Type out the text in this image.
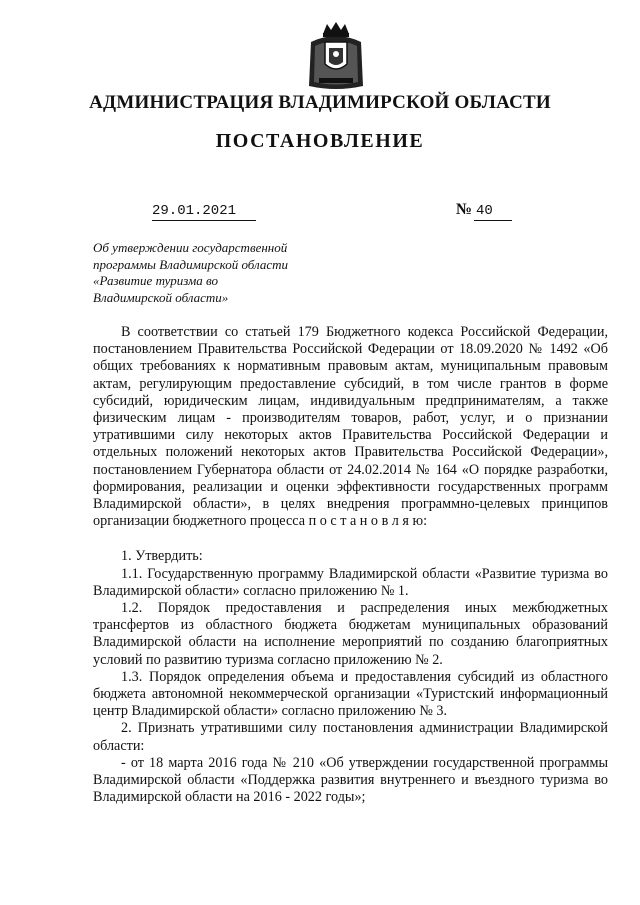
АДМИНИСТРАЦИЯ ВЛАДИМИРСКОЙ ОБЛАСТИ
ПОСТАНОВЛЕНИЕ
29.01.2021	№ 40
Об утверждении государственной
программы Владимирской области
«Развитие туризма во
Владимирской области»
В соответствии со статьей 179 Бюджетного кодекса Российской Федерации, постановлением Правительства Российской Федерации от 18.09.2020 № 1492 «Об общих требованиях к нормативным правовым актам, муниципальным правовым актам, регулирующим предоставление субсидий, в том числе грантов в форме субсидий, юридическим лицам, индивидуальным предпринимателям, а также физическим лицам - производителям товаров, работ, услуг, и о признании утратившими силу некоторых актов Правительства Российской Федерации и отдельных положений некоторых актов Правительства Российской Федерации», постановлением Губернатора области от 24.02.2014 № 164 «О порядке разработки, формирования, реализации и оценки эффективности государственных программ Владимирской области», в целях внедрения программно-целевых принципов организации бюджетного процесса п о с т а н о в л я ю:
1. Утвердить:
1.1. Государственную программу Владимирской области «Развитие туризма во Владимирской области» согласно приложению № 1.
1.2. Порядок предоставления и распределения иных межбюджетных трансфертов из областного бюджета бюджетам муниципальных образований Владимирской области на исполнение мероприятий по созданию благоприятных условий по развитию туризма согласно приложению № 2.
1.3. Порядок определения объема и предоставления субсидий из областного бюджета автономной некоммерческой организации «Туристский информационный центр Владимирской области» согласно приложению № 3.
2. Признать утратившими силу постановления администрации Владимирской области:
- от 18 марта 2016 года № 210 «Об утверждении государственной программы Владимирской области «Поддержка развития внутреннего и въездного туризма во Владимирской области на 2016 - 2022 годы»;
